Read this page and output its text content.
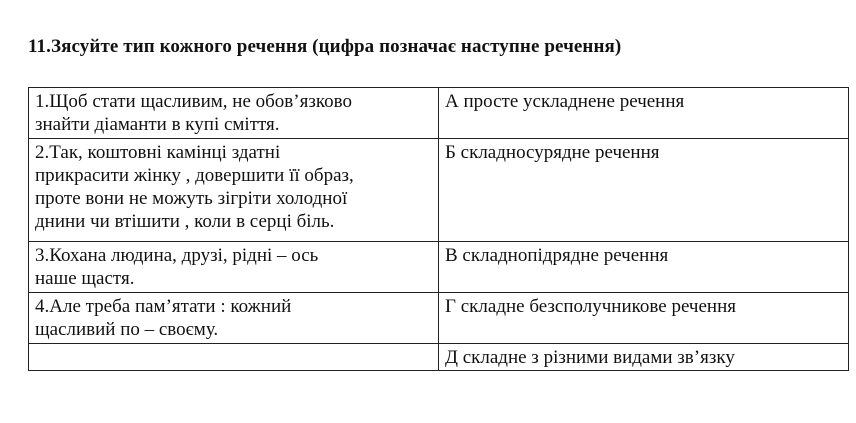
11.Зясуйте тип кожного речення (цифра позначає наступне речення)
1.Щоб стати щасливим, не обов’язково
знайти діаманти в купі сміття.	А просте ускладнене речення

2.Так, коштовні камінці здатні
прикрасити жінку , довершити її образ,
проте вони не можуть зігріти холодної
днини чи втішити , коли в серці біль.	Б складносурядне речення

3.Кохана людина, друзі, рідні – ось
наше щастя.	В складнопідрядне речення

4.Але треба пам’ятати : кожний
щасливий по – своєму.	Г складне безсполучникове речення

	Д складне з різними видами зв’язку
